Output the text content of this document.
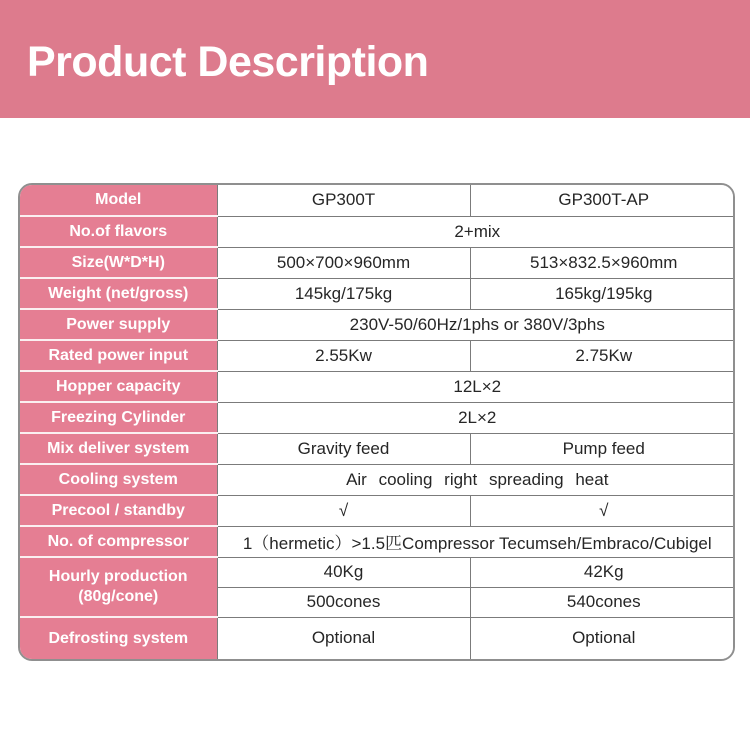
Product Description
Model	GP300T	GP300T-AP
No.of flavors	2+mix	
Size(W*D*H)	500×700×960mm	513×832.5×960mm
Weight (net/gross)	145kg/175kg	165kg/195kg
Power supply	230V-50/60Hz/1phs or 380V/3phs	
Rated power input	2.55Kw	2.75Kw
Hopper capacity	12L×2	
Freezing Cylinder	2L×2	
Mix deliver system	Gravity feed	Pump feed
Cooling system	Air cooling right spreading heat	
Precool / standby	√	√
No. of compressor	1（hermetic）>1.5匹Compressor Tecumseh/Embraco/Cubigel	
Hourly production (80g/cone)	40Kg	42Kg
	500cones	540cones
Defrosting system	Optional	Optional
